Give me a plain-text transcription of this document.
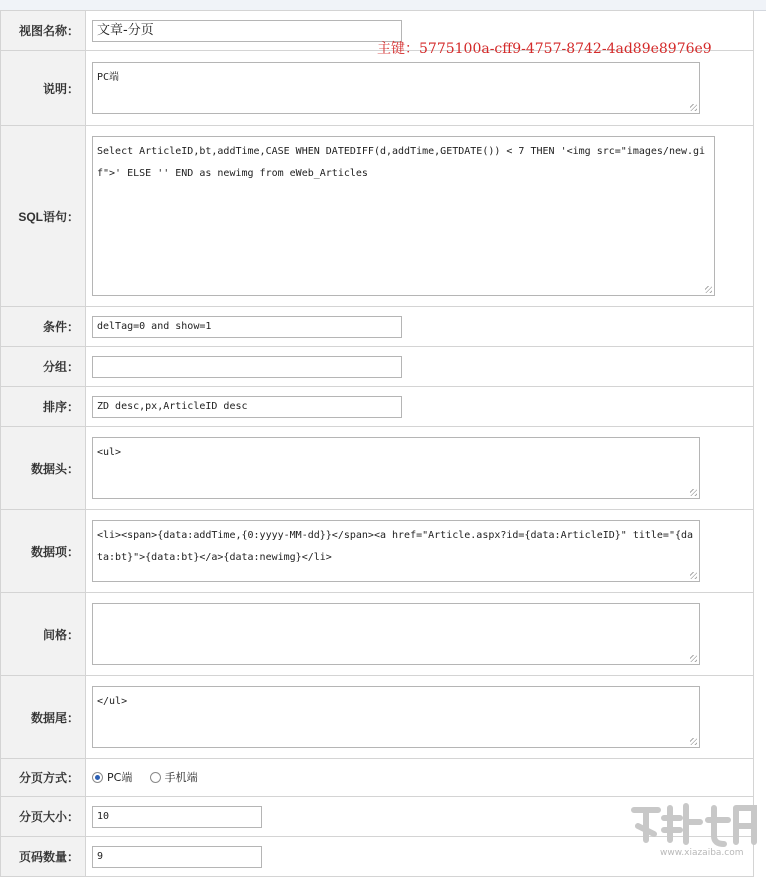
视图名称：	文章-分页

说明：	PC端

SQL语句：	Select ArticleID,bt,addTime,CASE WHEN DATEDIFF(d,addTime,GETDATE()) < 7 THEN '<img src="images/new.gif">' ELSE '' END as newimg from eWeb_Articles

条件：	delTag=0 and show=1

分组：	

排序：	ZD desc,px,ArticleID desc

数据头：	<ul>

数据项：	<li><span>{data:addTime,{0:yyyy-MM-dd}}</span><a href="Article.aspx?id={data:ArticleID}" title="{data:bt}">{data:bt}</a>{data:newimg}</li>

间格：	

数据尾：	</ul>

分页方式：	PC端
手机端

分页大小：	10

页码数量：	9
主键：5775100a-cff9-4757-8742-4ad89e8976e9
www.xiazaiba.com
